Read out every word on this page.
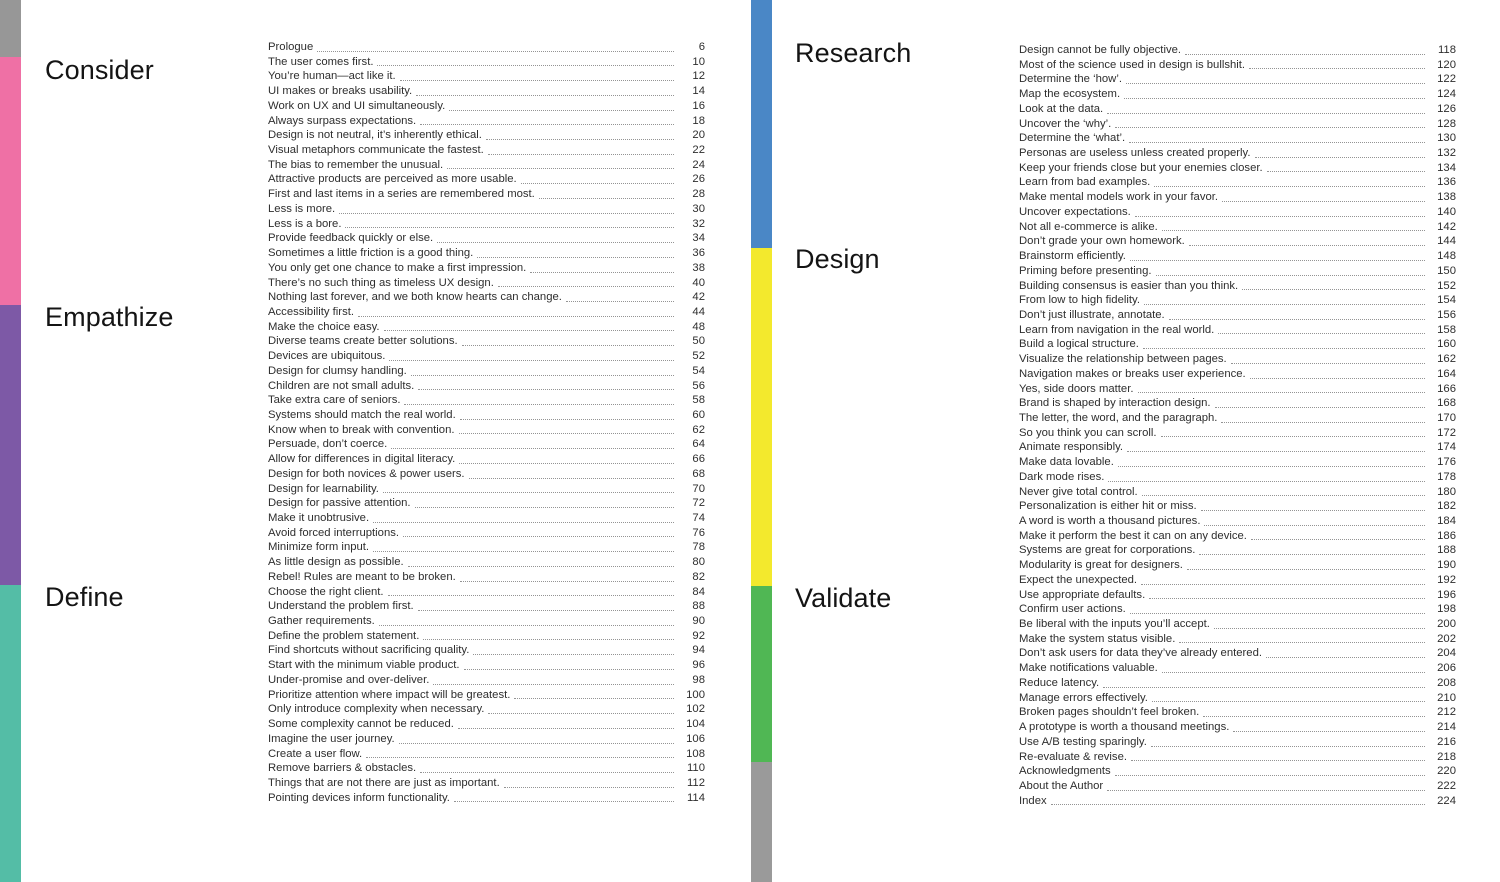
Consider
Empathize
Define
Research
Design
Validate
Prologue	6
The user comes first.	10
You’re human—act like it.	12
UI makes or breaks usability.	14
Work on UX and UI simultaneously.	16
Always surpass expectations.	18
Design is not neutral, it’s inherently ethical.	20
Visual metaphors communicate the fastest.	22
The bias to remember the unusual.	24
Attractive products are perceived as more usable.	26
First and last items in a series are remembered most.	28
Less is more.	30
Less is a bore.	32
Provide feedback quickly or else.	34
Sometimes a little friction is a good thing.	36
You only get one chance to make a first impression.	38
There’s no such thing as timeless UX design.	40
Nothing last forever, and we both know hearts can change.	42
Accessibility first.	44
Make the choice easy.	48
Diverse teams create better solutions.	50
Devices are ubiquitous.	52
Design for clumsy handling.	54
Children are not small adults.	56
Take extra care of seniors.	58
Systems should match the real world.	60
Know when to break with convention.	62
Persuade, don’t coerce.	64
Allow for differences in digital literacy.	66
Design for both novices & power users.	68
Design for learnability.	70
Design for passive attention.	72
Make it unobtrusive.	74
Avoid forced interruptions.	76
Minimize form input.	78
As little design as possible.	80
Rebel! Rules are meant to be broken.	82
Choose the right client.	84
Understand the problem first.	88
Gather requirements.	90
Define the problem statement.	92
Find shortcuts without sacrificing quality.	94
Start with the minimum viable product.	96
Under-promise and over-deliver.	98
Prioritize attention where impact will be greatest.	100
Only introduce complexity when necessary.	102
Some complexity cannot be reduced.	104
Imagine the user journey.	106
Create a user flow.	108
Remove barriers & obstacles.	110
Things that are not there are just as important.	112
Pointing devices inform functionality.	114
Design cannot be fully objective.	118
Most of the science used in design is bullshit.	120
Determine the ‘how’.	122
Map the ecosystem.	124
Look at the data.	126
Uncover the ‘why’.	128
Determine the ‘what’.	130
Personas are useless unless created properly.	132
Keep your friends close but your enemies closer.	134
Learn from bad examples.	136
Make mental models work in your favor.	138
Uncover expectations.	140
Not all e-commerce is alike.	142
Don’t grade your own homework.	144
Brainstorm efficiently.	148
Priming before presenting.	150
Building consensus is easier than you think.	152
From low to high fidelity.	154
Don’t just illustrate, annotate.	156
Learn from navigation in the real world.	158
Build a logical structure.	160
Visualize the relationship between pages.	162
Navigation makes or breaks user experience.	164
Yes, side doors matter.	166
Brand is shaped by interaction design.	168
The letter, the word, and the paragraph.	170
So you think you can scroll.	172
Animate responsibly.	174
Make data lovable.	176
Dark mode rises.	178
Never give total control.	180
Personalization is either hit or miss.	182
A word is worth a thousand pictures.	184
Make it perform the best it can on any device.	186
Systems are great for corporations.	188
Modularity is great for designers.	190
Expect the unexpected.	192
Use appropriate defaults.	196
Confirm user actions.	198
Be liberal with the inputs you’ll accept.	200
Make the system status visible.	202
Don’t ask users for data they’ve already entered.	204
Make notifications valuable.	206
Reduce latency.	208
Manage errors effectively.	210
Broken pages shouldn’t feel broken.	212
A prototype is worth a thousand meetings.	214
Use A/B testing sparingly.	216
Re-evaluate & revise.	218
Acknowledgments	220
About the Author	222
Index	224
